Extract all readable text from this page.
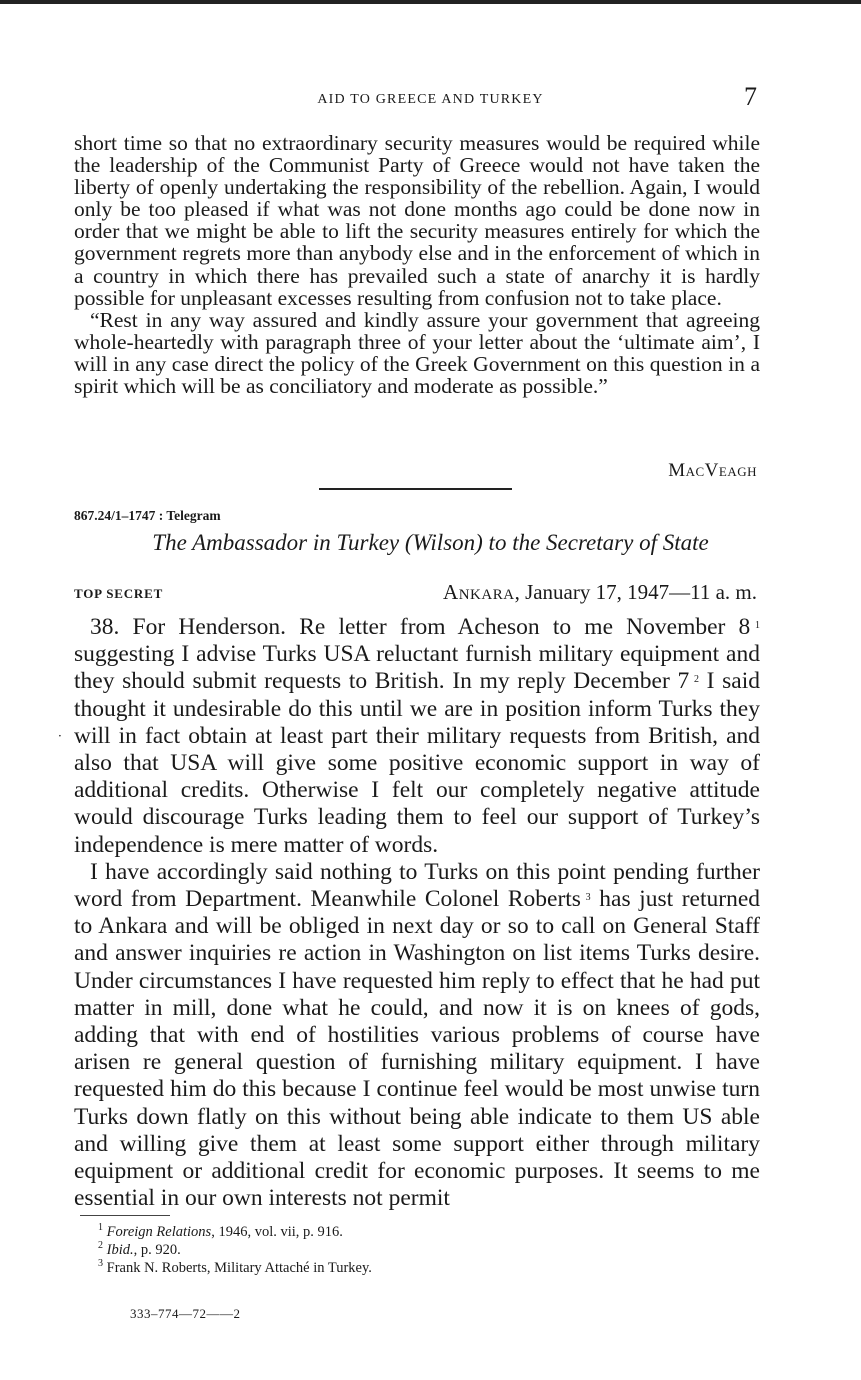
AID TO GREECE AND TURKEY	7

short time so that no extraordinary security measures would be required while the leadership of the Communist Party of Greece would not have taken the liberty of openly undertaking the responsibility of the rebellion. Again, I would only be too pleased if what was not done months ago could be done now in order that we might be able to lift the security measures entirely for which the government regrets more than anybody else and in the enforcement of which in a country in which there has prevailed such a state of anarchy it is hardly possible for unpleasant excesses resulting from confusion not to take place.

“Rest in any way assured and kindly assure your government that agreeing whole-heartedly with paragraph three of your letter about the ‘ultimate aim’, I will in any case direct the policy of the Greek Government on this question in a spirit which will be as conciliatory and moderate as possible.”

MacVeagh
867.24/1–1747 : Telegram
The Ambassador in Turkey (Wilson) to the Secretary of State
TOP SECRET	Ankara, January 17, 1947—11 a. m.
·

38. For Henderson. Re letter from Acheson to me November 8  $^1$ suggesting I advise Turks USA reluctant furnish military equipment and they should submit requests to British. In my reply December 7  $^2$ I said thought it undesirable do this until we are in position inform Turks they will in fact obtain at least part their military requests from British, and also that USA will give some positive economic support in way of additional credits. Otherwise I felt our completely negative attitude would discourage Turks leading them to feel our support of Turkey’s independence is mere matter of words.

I have accordingly said nothing to Turks on this point pending further word from Department. Meanwhile Colonel Roberts  $^3$ has just returned to Ankara and will be obliged in next day or so to call on General Staff and answer inquiries re action in Washington on list items Turks desire. Under circumstances I have requested him reply to effect that he had put matter in mill, done what he could, and now it is on knees of gods, adding that with end of hostilities various problems of course have arisen re general question of furnishing military equipment. I have requested him do this because I continue feel would be most unwise turn Turks down flatly on this without being able indicate to them US able and willing give them at least some support either through military equipment or additional credit for economic purposes. It seems to me essential in our own interests not permit

$^1$ Foreign Relations, 1946, vol. vii, p. 916.
$^2$ Ibid., p. 920.
$^3$ Frank N. Roberts, Military Attaché in Turkey.
333–774—72——2
